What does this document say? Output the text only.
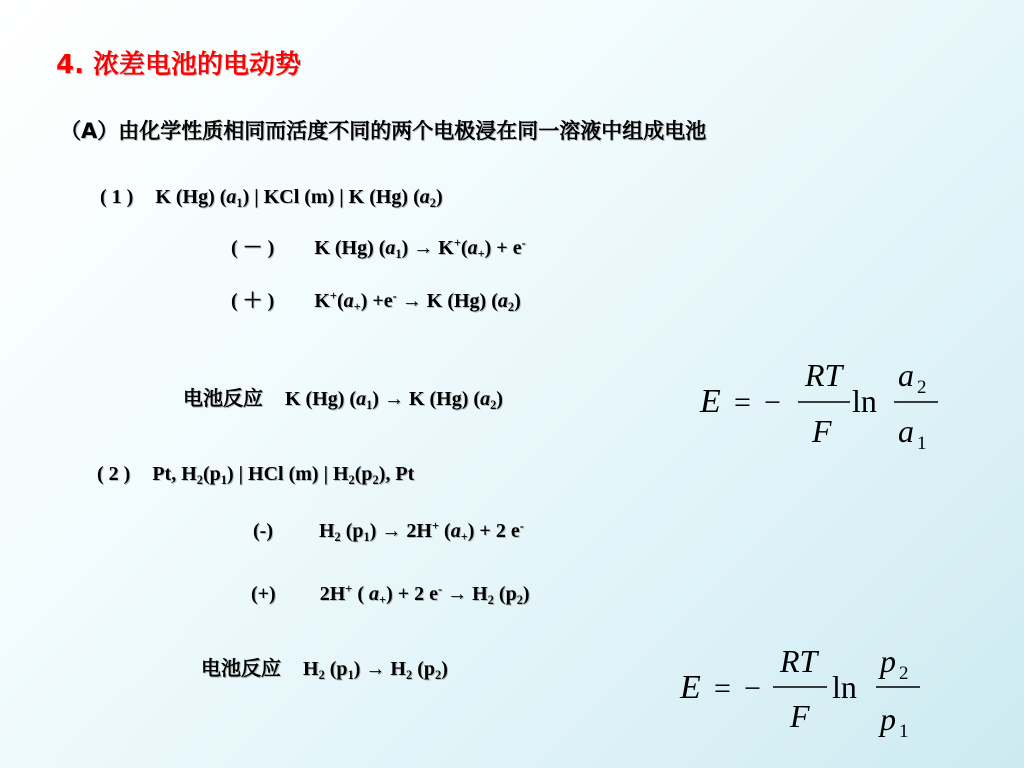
4. 浓差电池的电动势
（A）由化学性质相同而活度不同的两个电极浸在同一溶液中组成电池
( 1 ) K (Hg) $(a_1)$ | KCl (m) | K (Hg) $(a_2)$
( － ) K (Hg) $(a_1) \to K^+(a_+) + e^-$
( ＋ ) $K^+(a_+) +e^- \to K$ (Hg) $(a_2)$
电池反应 K (Hg) $(a_1) \to K$ (Hg) $(a_2)$	E = −
RT
F
ln
a 2
a 1
( 2 ) Pt, $H_2(p_1)$ | HCl (m) | $H_2(p_2)$, Pt
(-) $H_2$ $(p_1) \to 2H^+$ $(a_+) + 2$ e-
(+) 2H+ ( $a_+) + 2$ $e^- \to H_2$ $(p_2)$
电池反应 $H_2$ $(p_1) \to H_2$ $(p_2)$	E = −
RT
F
ln
p 2
p 1
